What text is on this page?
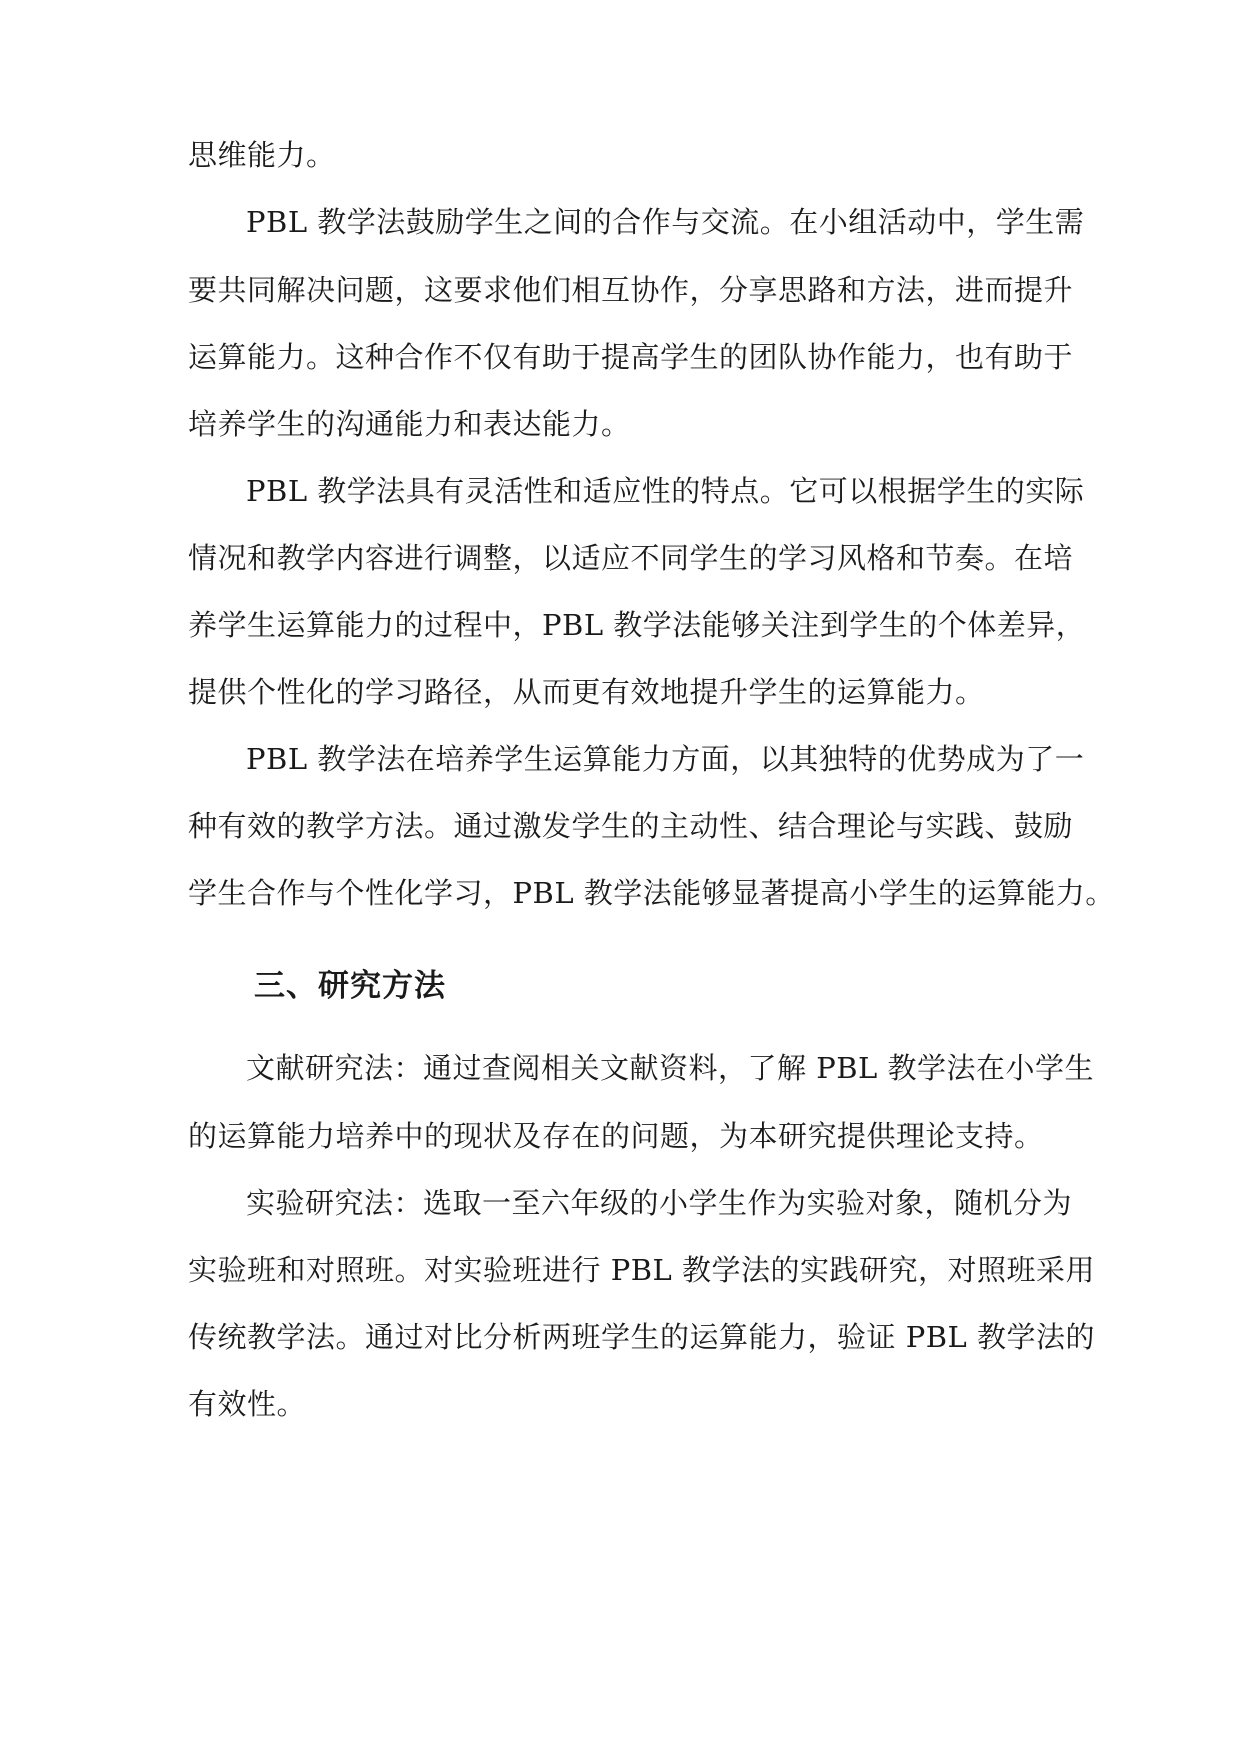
思维能力。
PBL 教学法鼓励学生之间的合作与交流。在小组活动中，学生需
要共同解决问题，这要求他们相互协作，分享思路和方法，进而提升
运算能力。这种合作不仅有助于提高学生的团队协作能力，也有助于
培养学生的沟通能力和表达能力。
PBL 教学法具有灵活性和适应性的特点。它可以根据学生的实际
情况和教学内容进行调整，以适应不同学生的学习风格和节奏。在培
养学生运算能力的过程中，PBL 教学法能够关注到学生的个体差异，
提供个性化的学习路径，从而更有效地提升学生的运算能力。
PBL 教学法在培养学生运算能力方面，以其独特的优势成为了一
种有效的教学方法。通过激发学生的主动性、结合理论与实践、鼓励
学生合作与个性化学习，PBL 教学法能够显著提高小学生的运算能力。
三、研究方法
文献研究法：通过查阅相关文献资料，了解 PBL 教学法在小学生
的运算能力培养中的现状及存在的问题，为本研究提供理论支持。
实验研究法：选取一至六年级的小学生作为实验对象，随机分为
实验班和对照班。对实验班进行 PBL 教学法的实践研究，对照班采用
传统教学法。通过对比分析两班学生的运算能力，验证 PBL 教学法的
有效性。
